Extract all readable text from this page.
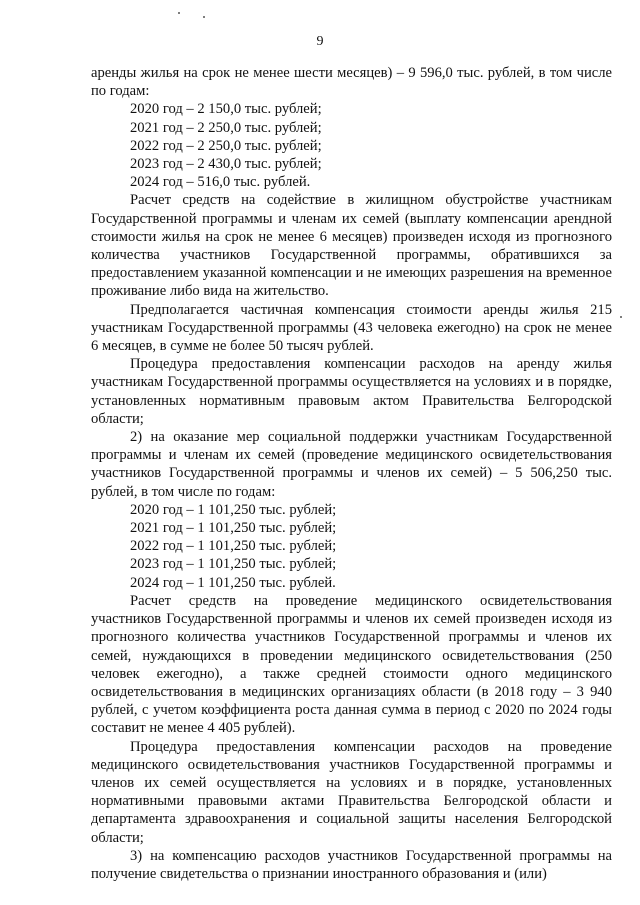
9

аренды жилья на срок не менее шести месяцев) – 9 596,0 тыс. рублей, в том числе по годам:

2020 год – 2 150,0 тыс. рублей;

2021 год – 2 250,0 тыс. рублей;

2022 год – 2 250,0 тыс. рублей;

2023 год – 2 430,0 тыс. рублей;

2024 год – 516,0 тыс. рублей.

Расчет средств на содействие в жилищном обустройстве участникам Государственной программы и членам их семей (выплату компенсации арендной стоимости жилья на срок не менее 6 месяцев) произведен исходя из прогнозного количества участников Государственной программы, обратившихся за предоставлением указанной компенсации и не имеющих разрешения на временное проживание либо вида на жительство.

Предполагается частичная компенсация стоимости аренды жилья 215 участникам Государственной программы (43 человека ежегодно) на срок не менее 6 месяцев, в сумме не более 50 тысяч рублей.

Процедура предоставления компенсации расходов на аренду жилья участникам Государственной программы осуществляется на условиях и в порядке, установленных нормативным правовым актом Правительства Белгородской области;

2) на оказание мер социальной поддержки участникам Государственной программы и членам их семей (проведение медицинского освидетельствования участников Государственной программы и членов их семей) – 5 506,250 тыс. рублей, в том числе по годам:

2020 год – 1 101,250 тыс. рублей;

2021 год – 1 101,250 тыс. рублей;

2022 год – 1 101,250 тыс. рублей;

2023 год – 1 101,250 тыс. рублей;

2024 год – 1 101,250 тыс. рублей.

Расчет средств на проведение медицинского освидетельствования участников Государственной программы и членов их семей произведен исходя из прогнозного количества участников Государственной программы и членов их семей, нуждающихся в проведении медицинского освидетельствования (250 человек ежегодно), а также средней стоимости одного медицинского освидетельствования в медицинских организациях области (в 2018 году – 3 940 рублей, с учетом коэффициента роста данная сумма в период с 2020 по 2024 годы составит не менее 4 405 рублей).

Процедура предоставления компенсации расходов на проведение медицинского освидетельствования участников Государственной программы и членов их семей осуществляется на условиях и в порядке, установленных нормативными правовыми актами Правительства Белгородской области и департамента здравоохранения и социальной защиты населения Белгородской области;

3) на компенсацию расходов участников Государственной программы на получение свидетельства о признании иностранного образования и (или)
